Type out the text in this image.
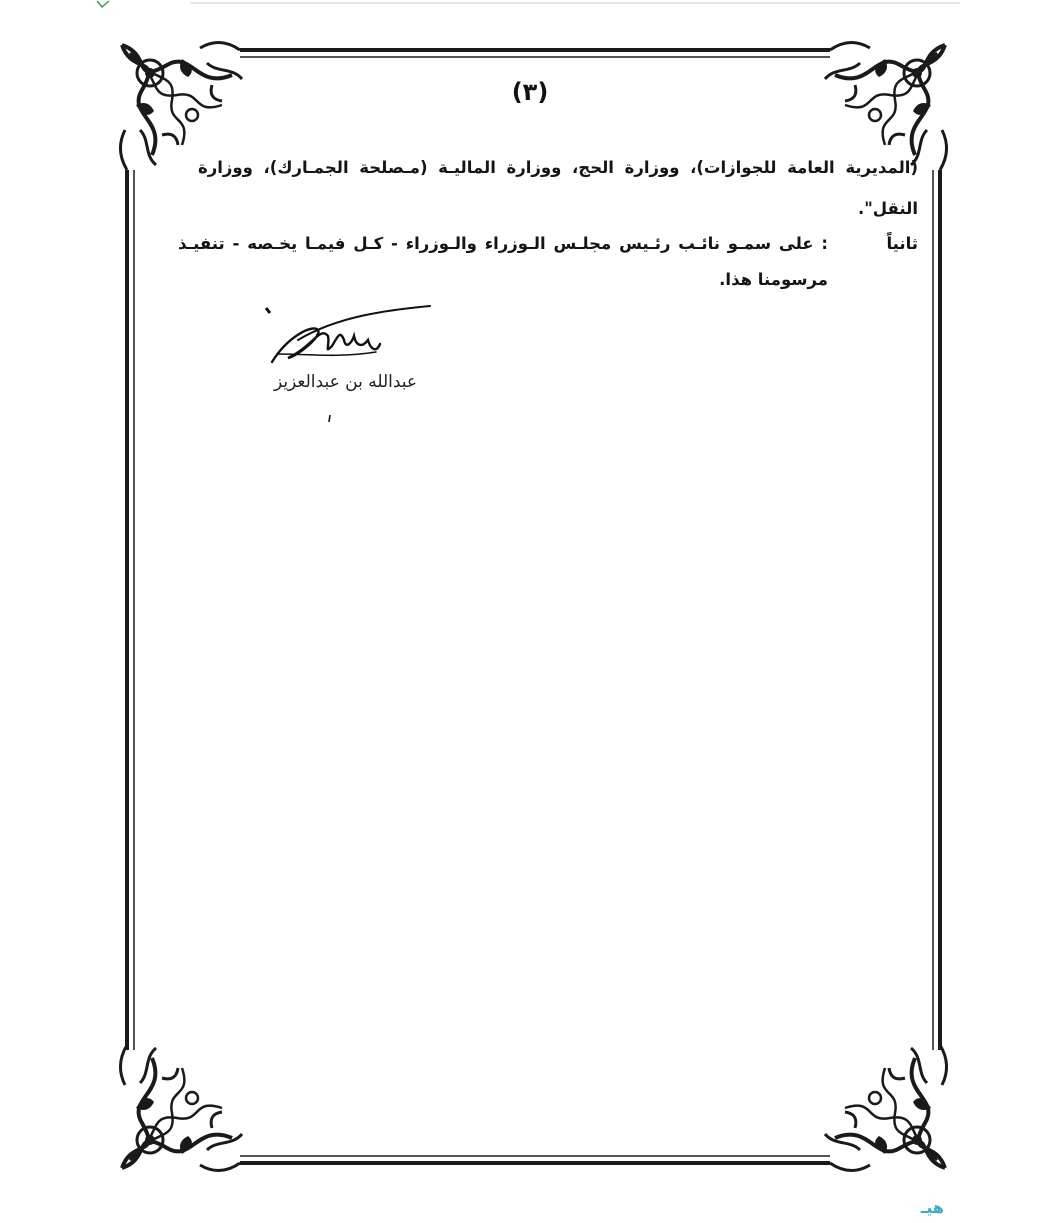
(٣)
(المديرية العامة للجوازات)، ووزارة الحج، ووزارة الماليـة (مـصلحة الجمـارك)، ووزارة
النقل".
ثانياً
: على سمـو نائـب رئـيس مجلـس الـوزراء والـوزراء - كـل فيمـا يخـصه - تنفيـذ
مرسومنا هذا.
عبدالله بن عبدالعزيز
هيـ
